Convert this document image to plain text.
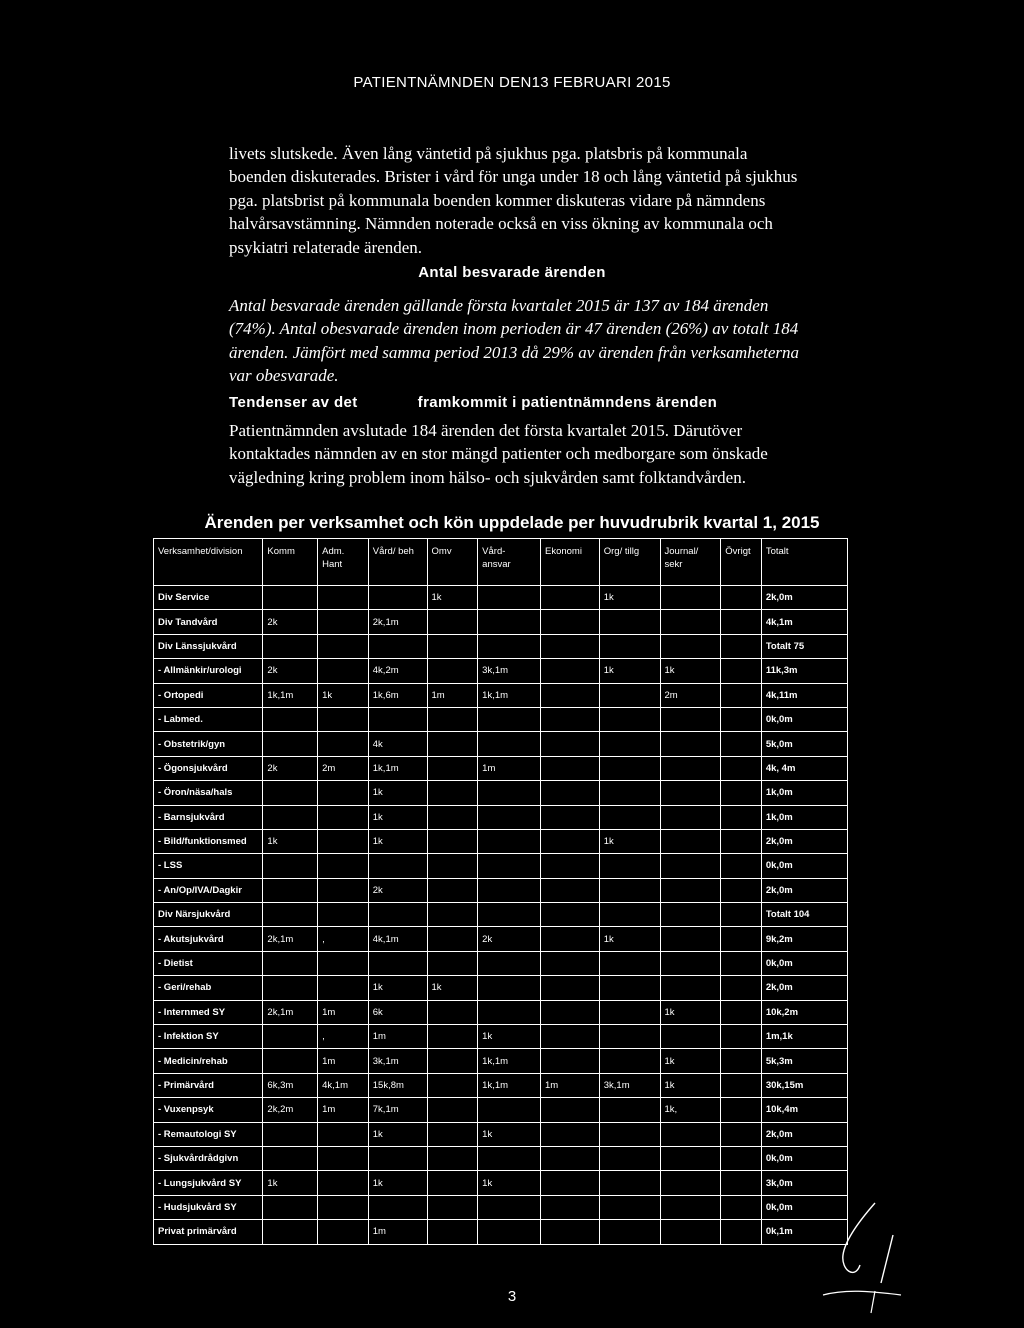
PATIENTNÄMNDEN DEN13 FEBRUARI 2015
livets slutskede. Även lång väntetid på sjukhus pga. platsbris på kommunala boenden diskuterades. Brister i vård för unga under 18 och lång väntetid på sjukhus pga. platsbrist på kommunala boenden kommer diskuteras vidare på nämndens halvårsavstämning. Nämnden noterade också en viss ökning av kommunala och psykiatri relaterade ärenden.
Antal besvarade ärenden
Antal besvarade ärenden gällande första kvartalet 2015 är 137 av 184 ärenden (74%). Antal obesvarade ärenden inom perioden är 47 ärenden (26%) av totalt 184 ärenden. Jämfört med samma period 2013 då 29% av ärenden från verksamheterna var obesvarade.
Tendenser av det	framkommit i patientnämndens ärenden
Patientnämnden avslutade 184 ärenden det första kvartalet 2015. Därutöver kontaktades nämnden av en stor mängd patienter och medborgare som önskade vägledning kring problem inom hälso- och sjukvården samt folktandvården.
Ärenden per verksamhet och kön uppdelade per huvudrubrik kvartal 1, 2015
Verksamhet/division	Komm	Adm. Hant	Vård/ beh	Omv	Vård- ansvar	Ekonomi	Org/ tillg	Journal/ sekr	Övrigt	Totalt
Div Service				1k			1k			2k,0m
Div Tandvård	2k		2k,1m							4k,1m
Div Länssjukvård										Totalt 75
- Allmänkir/urologi	2k		4k,2m		3k,1m		1k	1k		11k,3m
- Ortopedi	1k,1m	1k	1k,6m	1m	1k,1m			2m		4k,11m
- Labmed.										0k,0m
- Obstetrik/gyn			4k							5k,0m
- Ögonsjukvård	2k	2m	1k,1m		1m					4k, 4m
- Öron/näsa/hals			1k							1k,0m
- Barnsjukvård			1k							1k,0m
- Bild/funktionsmed	1k		1k				1k			2k,0m
- LSS										0k,0m
- An/Op/IVA/Dagkir			2k							2k,0m
Div Närsjukvård										Totalt 104
- Akutsjukvård	2k,1m	,	4k,1m		2k		1k			9k,2m
- Dietist										0k,0m
- Geri/rehab			1k	1k						2k,0m
- Internmed SY	2k,1m	1m	6k					1k		10k,2m
- Infektion SY		,	1m		1k					1m,1k
- Medicin/rehab		1m	3k,1m		1k,1m			1k		5k,3m
- Primärvård	6k,3m	4k,1m	15k,8m		1k,1m	1m	3k,1m	1k		30k,15m
- Vuxenpsyk	2k,2m	1m	7k,1m					1k,		10k,4m
- Remautologi SY			1k		1k					2k,0m
- Sjukvårdrådgivn										0k,0m
- Lungsjukvård SY	1k		1k		1k					3k,0m
- Hudsjukvård SY										0k,0m
Privat primärvård			1m							0k,1m
3
